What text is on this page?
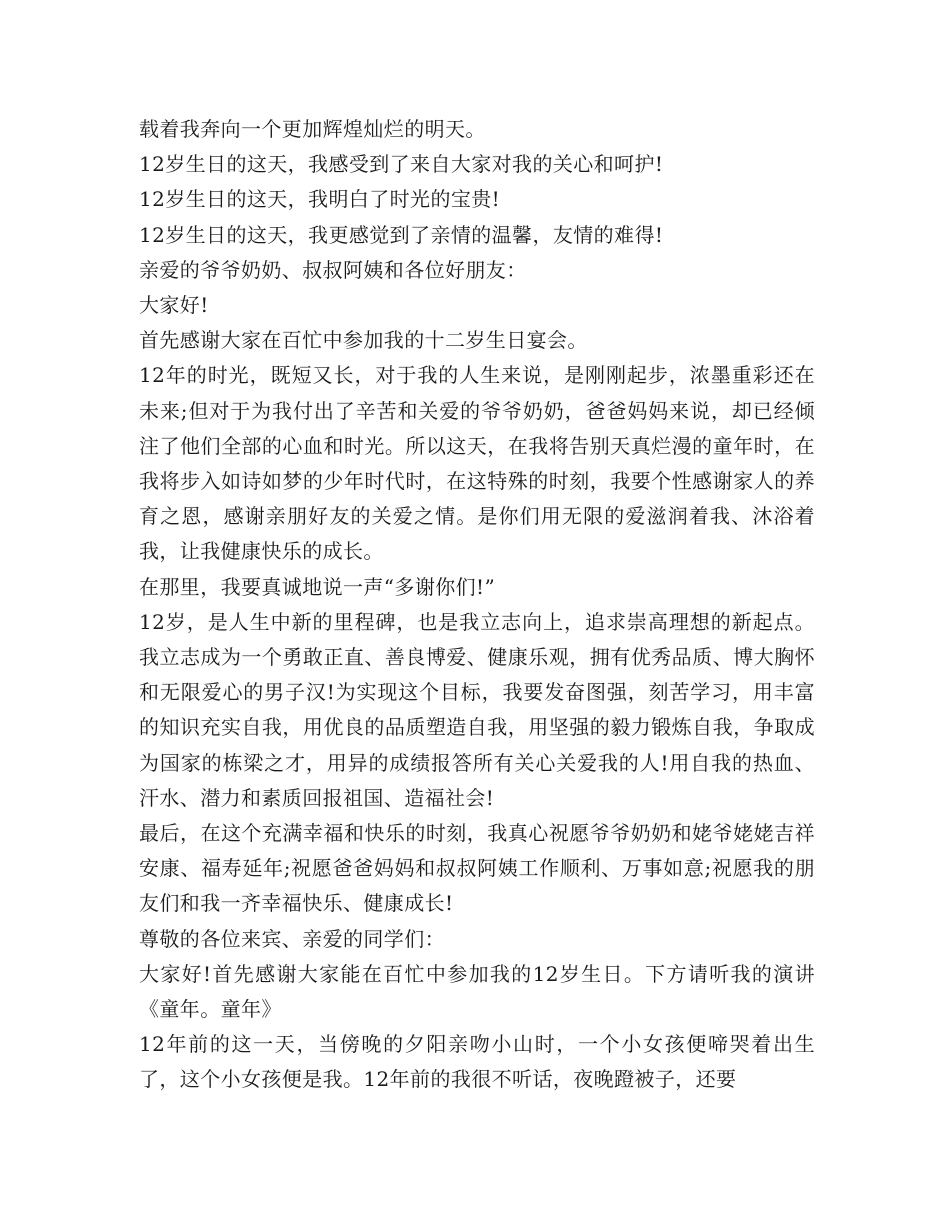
载着我奔向一个更加辉煌灿烂的明天。

12岁生日的这天，我感受到了来自大家对我的关心和呵护!

12岁生日的这天，我明白了时光的宝贵!

12岁生日的这天，我更感觉到了亲情的温馨，友情的难得!

亲爱的爷爷奶奶、叔叔阿姨和各位好朋友：

大家好!

首先感谢大家在百忙中参加我的十二岁生日宴会。

12年的时光，既短又长，对于我的人生来说，是刚刚起步，浓墨重彩还在未来;但对于为我付出了辛苦和关爱的爷爷奶奶，爸爸妈妈来说，却已经倾注了他们全部的心血和时光。所以这天，在我将告别天真烂漫的童年时，在我将步入如诗如梦的少年时代时，在这特殊的时刻，我要个性感谢家人的养育之恩，感谢亲朋好友的关爱之情。是你们用无限的爱滋润着我、沐浴着我，让我健康快乐的成长。

在那里，我要真诚地说一声“多谢你们!”

12岁，是人生中新的里程碑，也是我立志向上，追求崇高理想的新起点。我立志成为一个勇敢正直、善良博爱、健康乐观，拥有优秀品质、博大胸怀和无限爱心的男子汉!为实现这个目标，我要发奋图强，刻苦学习，用丰富的知识充实自我，用优良的品质塑造自我，用坚强的毅力锻炼自我，争取成为国家的栋梁之才，用异的成绩报答所有关心关爱我的人!用自我的热血、汗水、潜力和素质回报祖国、造福社会!

最后，在这个充满幸福和快乐的时刻，我真心祝愿爷爷奶奶和姥爷姥姥吉祥安康、福寿延年;祝愿爸爸妈妈和叔叔阿姨工作顺利、万事如意;祝愿我的朋友们和我一齐幸福快乐、健康成长!

尊敬的各位来宾、亲爱的同学们：

大家好!首先感谢大家能在百忙中参加我的12岁生日。下方请听我的演讲《童年。童年》

12年前的这一天，当傍晚的夕阳亲吻小山时，一个小女孩便啼哭着出生了，这个小女孩便是我。12年前的我很不听话，夜晚蹬被子，还要
